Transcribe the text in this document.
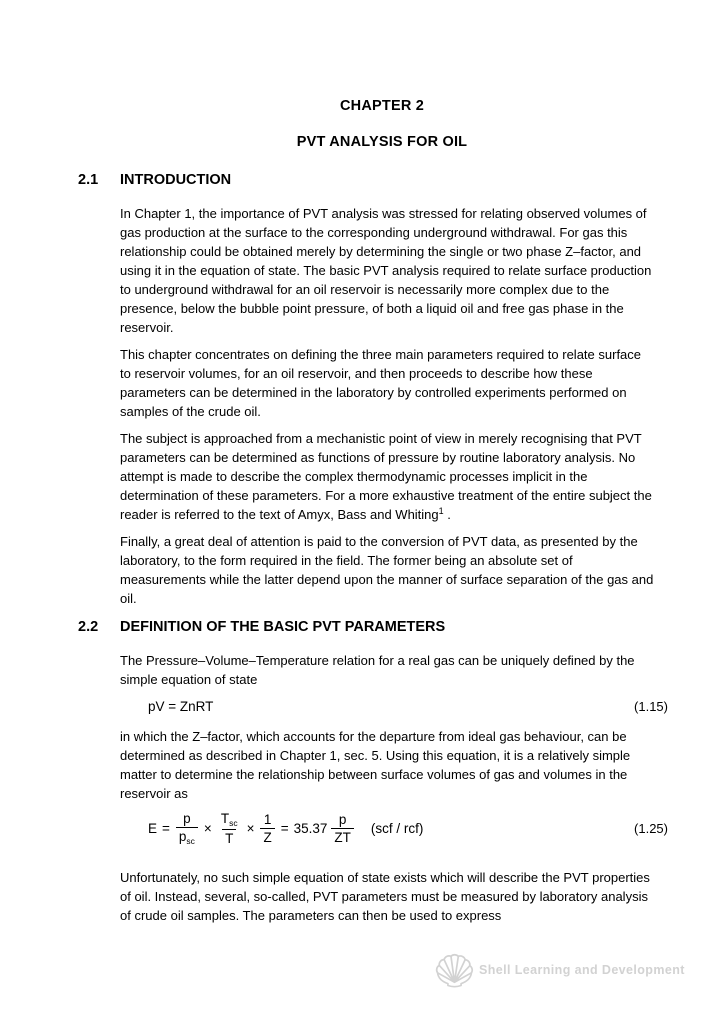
CHAPTER 2
PVT ANALYSIS FOR OIL
2.1	INTRODUCTION

In Chapter 1, the importance of PVT analysis was stressed for relating observed volumes of gas production at the surface to the corresponding underground withdrawal. For gas this relationship could be obtained merely by determining the single or two phase Z–factor, and using it in the equation of state. The basic PVT analysis required to relate surface production to underground withdrawal for an oil reservoir is necessarily more complex due to the presence, below the bubble point pressure, of both a liquid oil and free gas phase in the reservoir.

This chapter concentrates on defining the three main parameters required to relate surface to reservoir volumes, for an oil reservoir, and then proceeds to describe how these parameters can be determined in the laboratory by controlled experiments performed on samples of the crude oil.

The subject is approached from a mechanistic point of view in merely recognising that PVT parameters can be determined as functions of pressure by routine laboratory analysis. No attempt is made to describe the complex thermodynamic processes implicit in the determination of these parameters. For a more exhaustive treatment of the entire subject the reader is referred to the text of Amyx, Bass and Whiting$^1$ .

Finally, a great deal of attention is paid to the conversion of PVT data, as presented by the laboratory, to the form required in the field. The former being an absolute set of measurements while the latter depend upon the manner of surface separation of the gas and oil.

2.2	DEFINITION OF THE BASIC PVT PARAMETERS

The Pressure–Volume–Temperature relation for a real gas can be uniquely defined by the simple equation of state

pV = ZnRT	(1.15)

in which the Z–factor, which accounts for the departure from ideal gas behaviour, can be determined as described in Chapter 1, sec. 5. Using this equation, it is a relatively simple matter to determine the relationship between surface volumes of gas and volumes in the reservoir as

$E = \frac{p}{p_{sc}} \times \frac{T_{sc}}{T} \times \frac{1}{Z} = 35.37 \frac{p}{ZT}$	(scf / rcf)	(1.25)

Unfortunately, no such simple equation of state exists which will describe the PVT properties of oil. Instead, several, so-called, PVT parameters must be measured by laboratory analysis of crude oil samples. The parameters can then be used to express

Shell Learning and Development
